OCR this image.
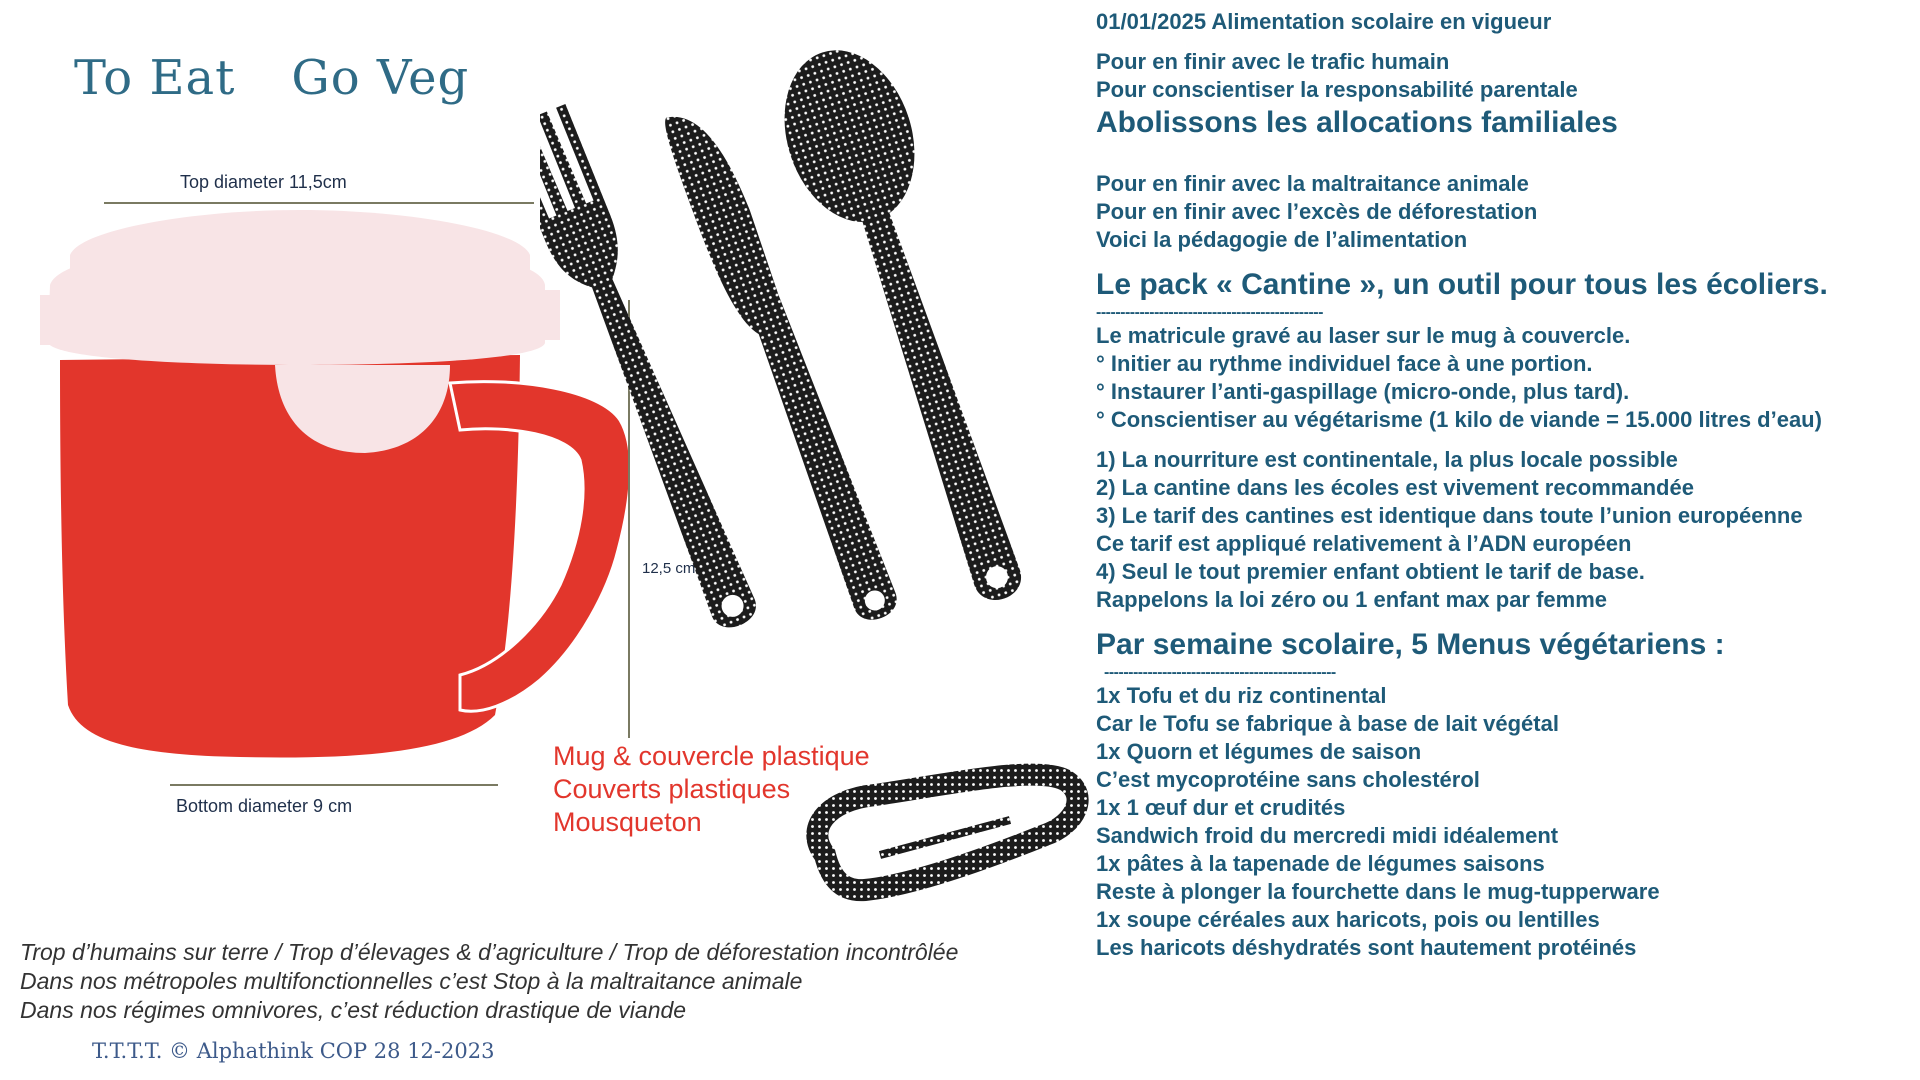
To Eat Go Veg
Top diameter 11,5cm
12,5 cm
Bottom diameter 9 cm
Mug & couvercle plastique
Couverts plastiques
Mousqueton
Trop d’humains sur terre / Trop d’élevages & d’agriculture / Trop de déforestation incontrôlée
Dans nos métropoles multifonctionnelles c’est Stop à la maltraitance animale
Dans nos régimes omnivores, c’est réduction drastique de viande
T.T.T.T. © Alphathink COP 28 12-2023
01/01/2025 Alimentation scolaire en vigueur
Pour en finir avec le trafic humain
Pour conscientiser la responsabilité parentale
Abolissons les allocations familiales
Pour en finir avec la maltraitance animale
Pour en finir avec l’excès de déforestation
Voici la pédagogie de l’alimentation
Le pack « Cantine », un outil pour tous les écoliers.
-----------------------------------------------
Le matricule gravé au laser sur le mug à couvercle.
° Initier au rythme individuel face à une portion.
° Instaurer l’anti-gaspillage (micro-onde, plus tard).
° Conscientiser au végétarisme (1 kilo de viande = 15.000 litres d’eau)
1) La nourriture est continentale, la plus locale possible
2) La cantine dans les écoles est vivement recommandée
3) Le tarif des cantines est identique dans toute l’union européenne
Ce tarif est appliqué relativement à l’ADN européen
4) Seul le tout premier enfant obtient le tarif de base.
Rappelons la loi zéro ou 1 enfant max par femme
Par semaine scolaire, 5 Menus végétariens :
------------------------------------------------
1x Tofu et du riz continental
Car le Tofu se fabrique à base de lait végétal
1x Quorn et légumes de saison
C’est mycoprotéine sans cholestérol
1x 1 œuf dur et crudités
Sandwich froid du mercredi midi idéalement
1x pâtes à la tapenade de légumes saisons
Reste à plonger la fourchette dans le mug-tupperware
1x soupe céréales aux haricots, pois ou lentilles
Les haricots déshydratés sont hautement protéinés
